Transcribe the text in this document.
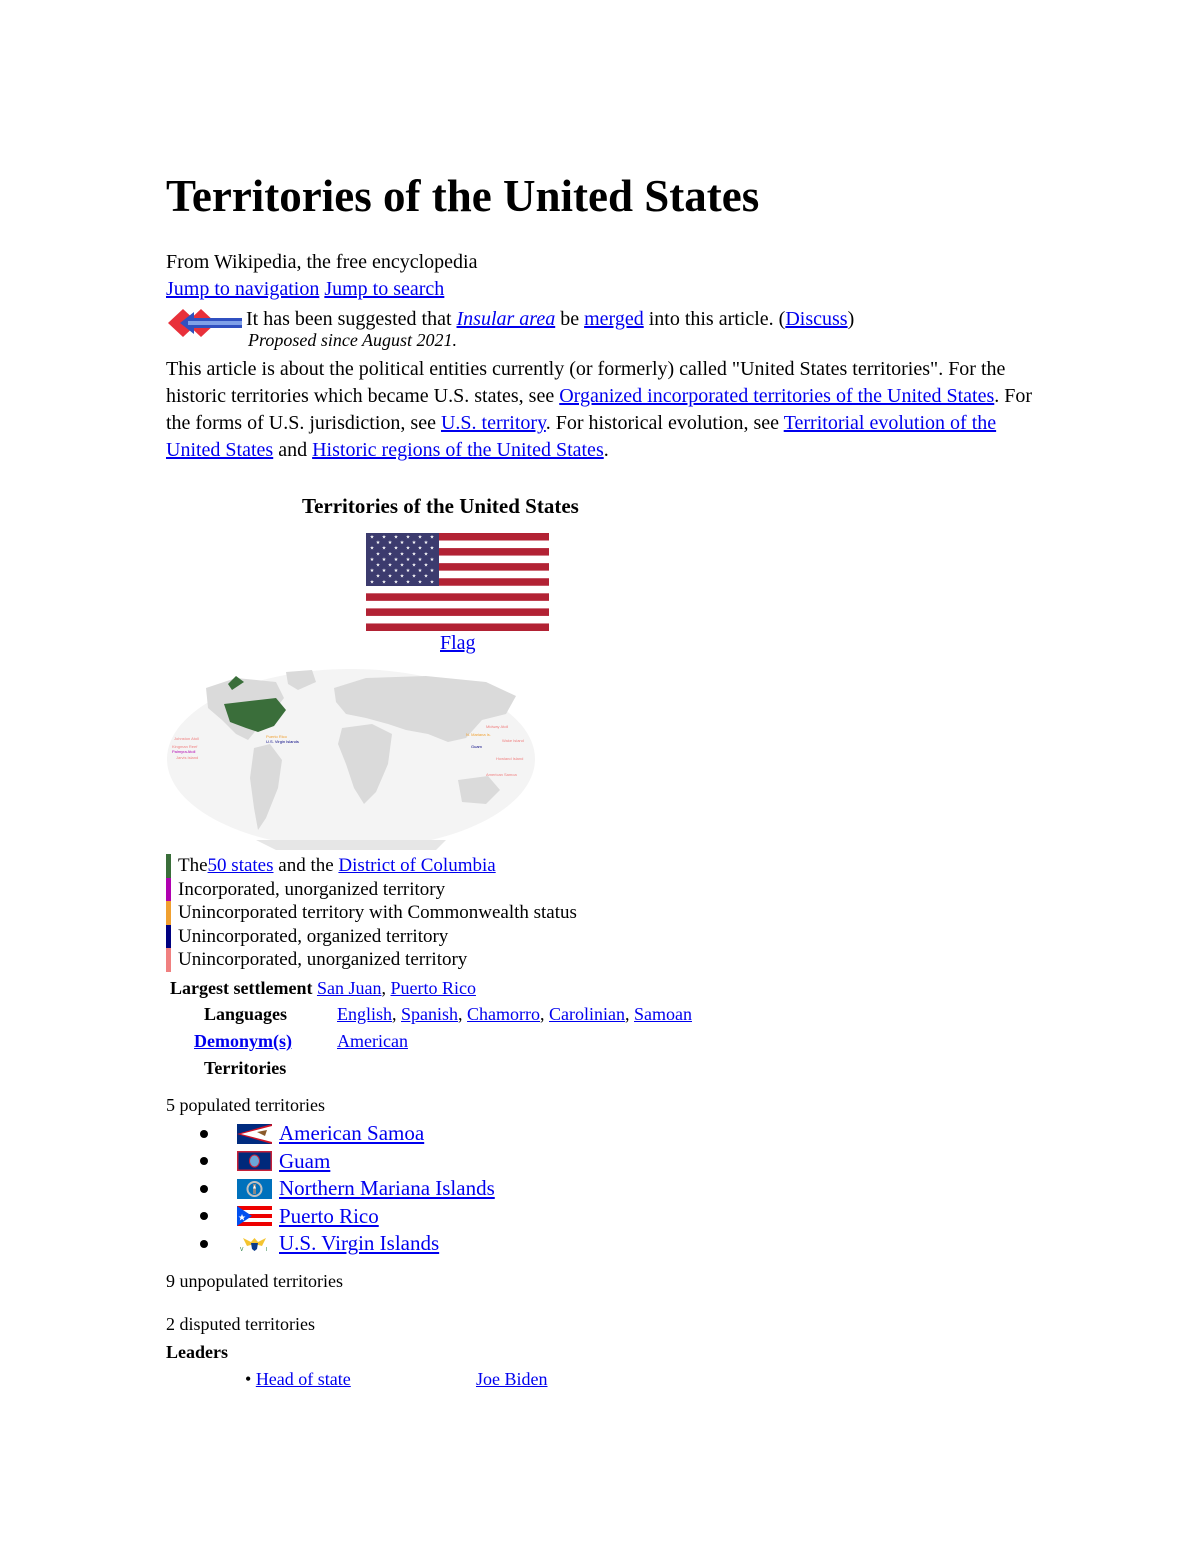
Territories of the United States
From Wikipedia, the free encyclopedia
Jump to navigation Jump to search
It has been suggested that Insular area be merged into this article. (Discuss)
Proposed since August 2021.
This article is about the political entities currently (or formerly) called "United States territories". For the historic territories which became U.S. states, see Organized incorporated territories of the United States. For the forms of U.S. jurisdiction, see U.S. territory. For historical evolution, see Territorial evolution of the United States and Historic regions of the United States.
Territories of the United States
★ ★ ★ ★ ★ ★
★ ★ ★ ★ ★
★ ★ ★ ★ ★ ★
★ ★ ★ ★ ★
★ ★ ★ ★ ★ ★
★ ★ ★ ★ ★
★ ★ ★ ★ ★ ★
★ ★ ★ ★ ★
★ ★ ★ ★ ★ ★
Flag
Puerto Rico
U.S. Virgin Islands
Johnston Atoll
Kingman Reef
Palmyra Atoll
Jarvis Island
Midway Atoll
N. Mariana Is.
Guam
Wake Island
Howland Island
American Samoa
The 50 states and the District of Columbia
Incorporated, unorganized territory
Unincorporated territory with Commonwealth status
Unincorporated, organized territory
Unincorporated, unorganized territory
Largest settlement San Juan, Puerto Rico
Languages	English, Spanish, Chamorro, Carolinian, Samoan
Demonym(s)	American
Territories
5 populated territories
American Samoa
Guam
Northern Mariana Islands
Puerto Rico
V	I U.S. Virgin Islands
9 unpopulated territories
2 disputed territories
Leaders
• Head of state	Joe Biden
